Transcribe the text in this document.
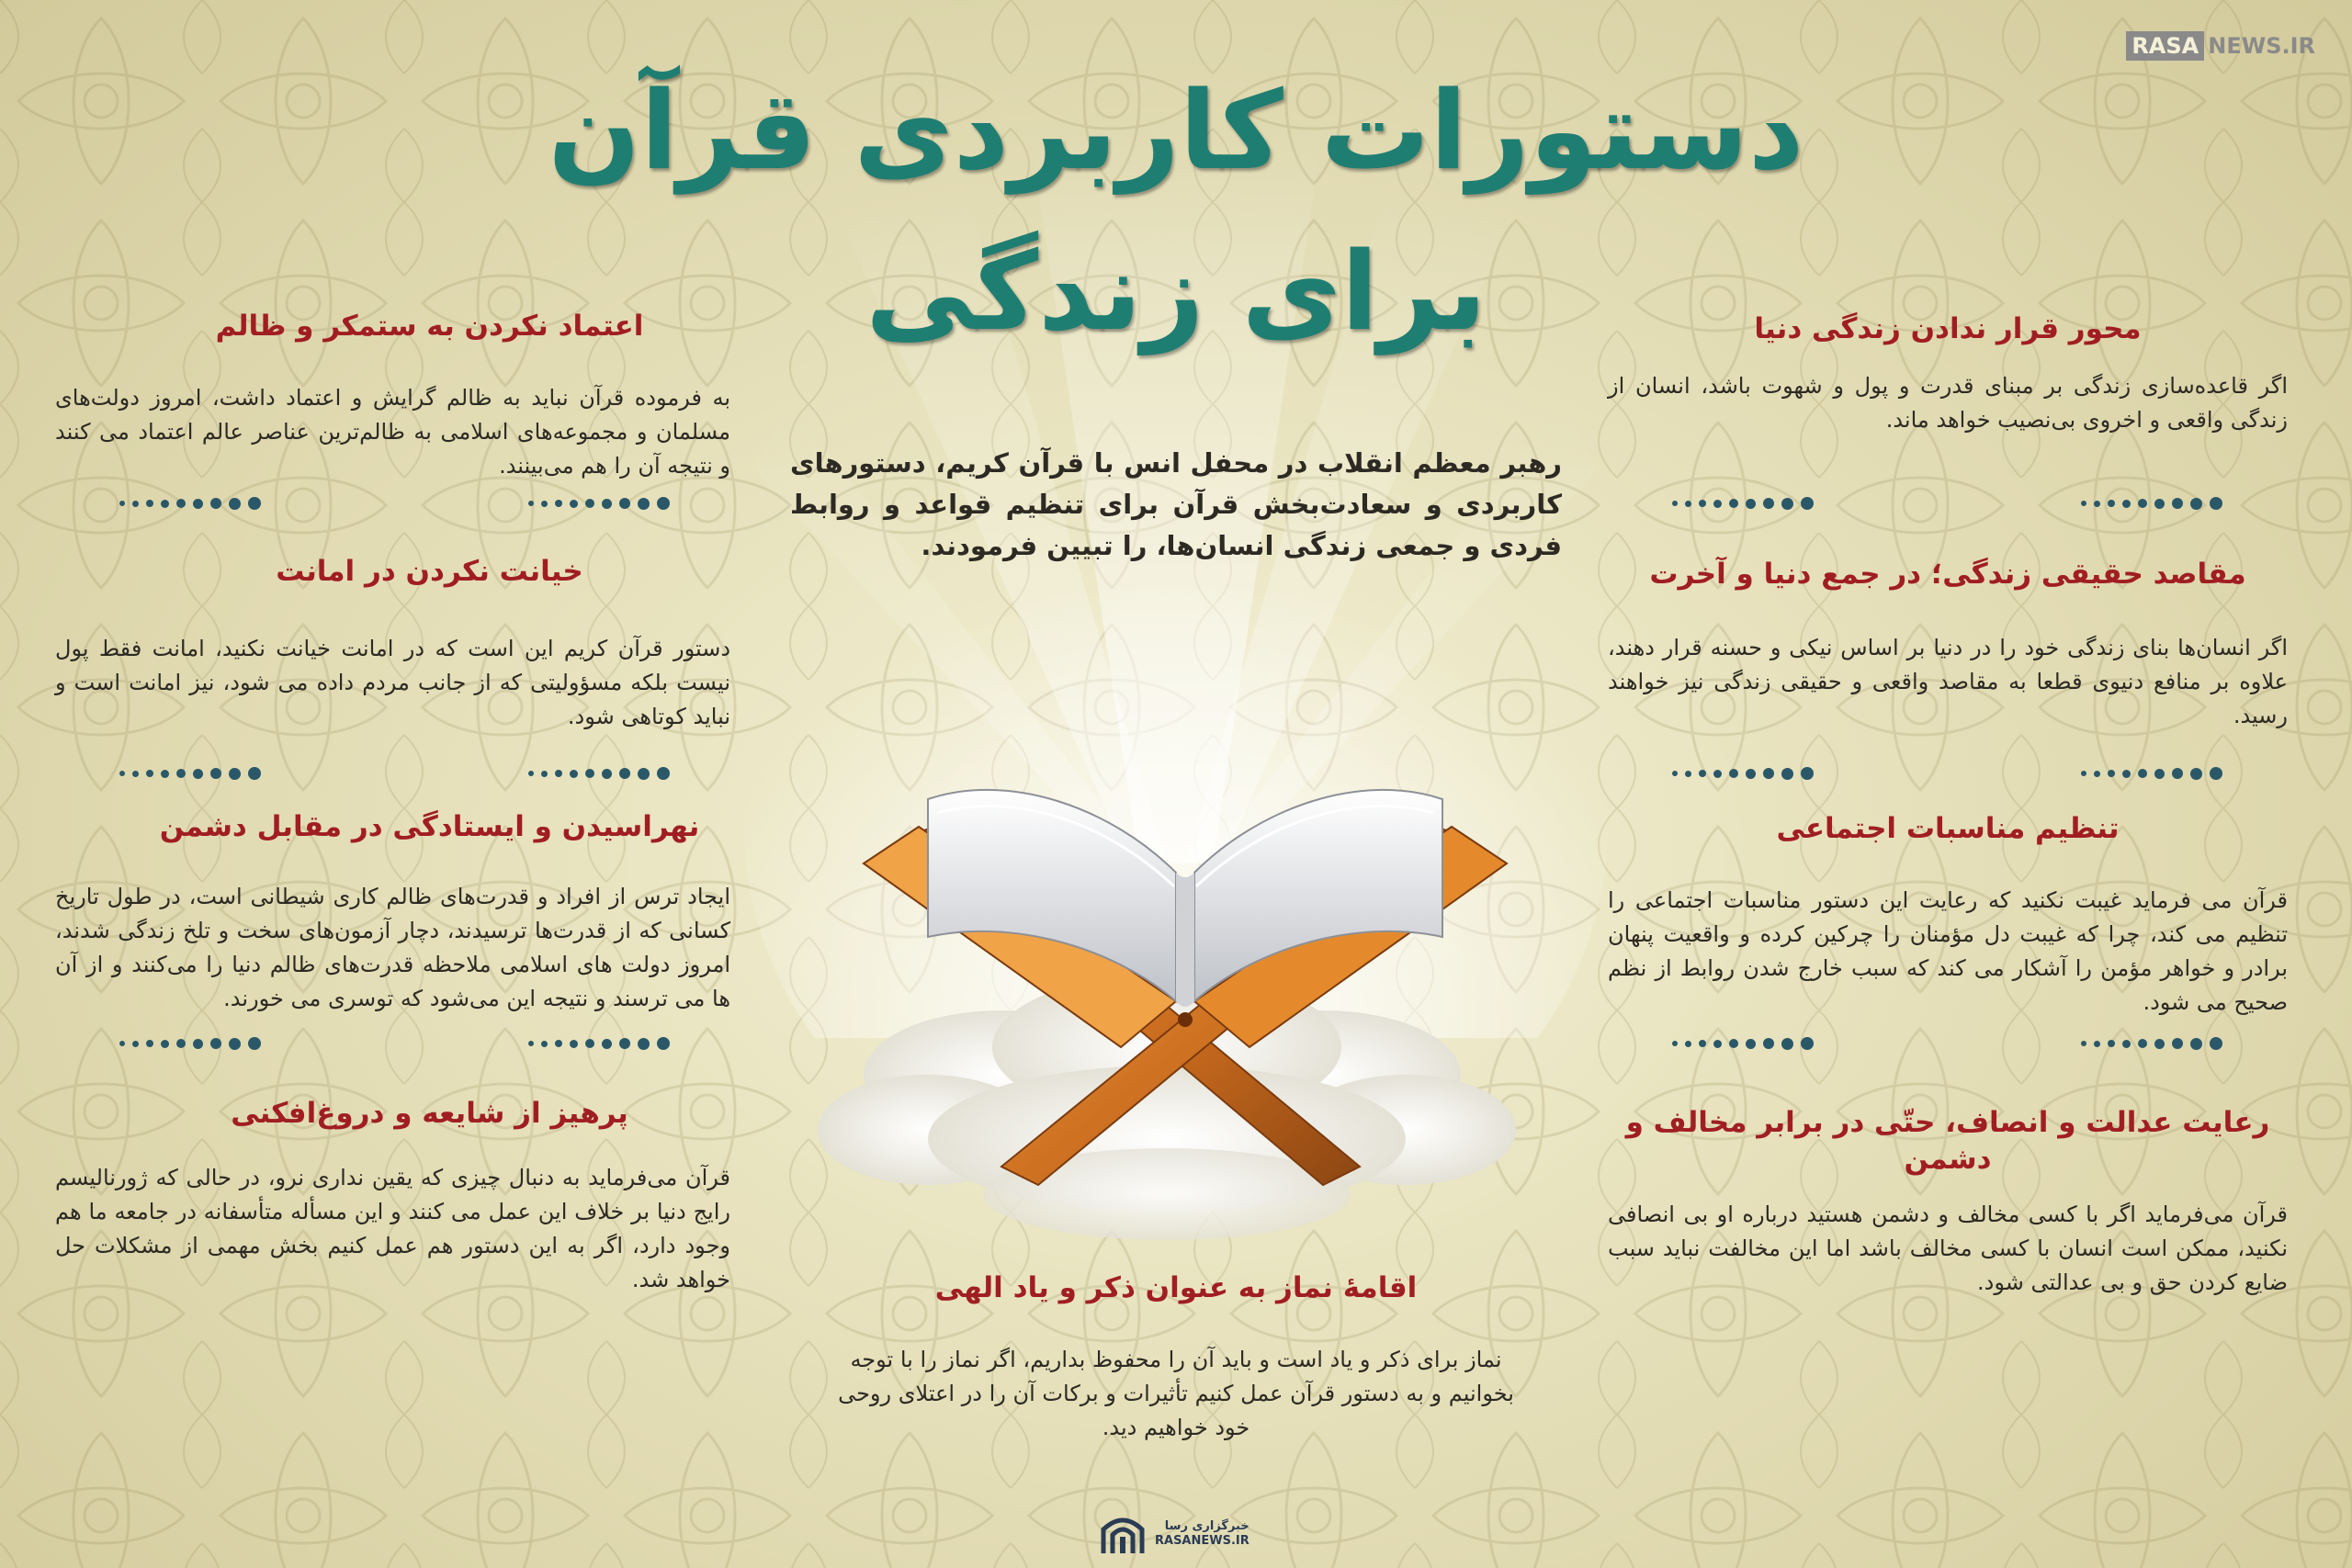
RASA NEWS.IR
دستورات کاربردی قرآن
برای زندگی
رهبر معظم انقلاب در محفل انس با قرآن کریم، دستورهای کاربردی و سعادت‌بخش قرآن برای تنظیم قواعد و روابط فردی و جمعی زندگی انسان‌ها، را تبیین فرمودند.
محور قرار ندادن زندگی دنیا

اگر قاعده‌سازی زندگی بر مبنای قدرت و پول و شهوت باشد، انسان از زندگی واقعی و اخروی بی‌نصیب خواهد ماند.

مقاصد حقیقی زندگی؛ در جمع دنیا و آخرت

اگر انسان‌ها بنای زندگی خود را در دنیا بر اساس نیکی و حسنه قرار دهند، علاوه بر منافع دنیوی قطعا به مقاصد واقعی و حقیقی زندگی نیز خواهند رسید.

تنظیم مناسبات اجتماعی

قرآن می فرماید غیبت نکنید که رعایت این دستور مناسبات اجتماعی را تنظیم می کند، چرا که غیبت دل مؤمنان را چرکین کرده و واقعیت پنهان برادر و خواهر مؤمن را آشکار می کند که سبب خارج شدن روابط از نظم صحیح می شود.

رعایت عدالت و انصاف، حتّی در برابر مخالف و دشمن

قرآن می‌فرماید اگر با کسی مخالف و دشمن هستید درباره او بی انصافی نکنید، ممکن است انسان با کسی مخالف باشد اما این مخالفت نباید سبب ضایع کردن حق و بی عدالتی شود.

اعتماد نکردن به ستمکر و ظالم

به فرموده قرآن نباید به ظالم گرایش و اعتماد داشت، امروز دولت‌های مسلمان و مجموعه‌های اسلامی به ظالم‌ترین عناصر عالم اعتماد می کنند و نتیجه آن را هم می‌بینند.

خیانت نکردن در امانت

دستور قرآن کریم این است که در امانت خیانت نکنید، امانت فقط پول نیست بلکه مسؤولیتی که از جانب مردم داده می شود، نیز امانت است و نباید کوتاهی شود.

نهراسیدن و ایستادگی در مقابل دشمن

ایجاد ترس از افراد و قدرت‌های ظالم کاری شیطانی است، در طول تاریخ کسانی که از قدرت‌ها ترسیدند، دچار آزمون‌های سخت و تلخ زندگی شدند، امروز دولت های اسلامی ملاحظه قدرت‌های ظالم دنیا را می‌کنند و از آن ها می ترسند و نتیجه این می‌شود که توسری می خورند.

پرهیز از شایعه و دروغ‌افکنی

قرآن می‌فرماید به دنبال چیزی که یقین نداری نرو، در حالی که ژورنالیسم رایج دنیا بر خلاف این عمل می کنند و این مسأله متأسفانه در جامعه ما هم وجود دارد، اگر به این دستور هم عمل کنیم بخش مهمی از مشکلات حل خواهد شد.	اقامهٔ نماز به عنوان ذکر و یاد الهی

نماز برای ذکر و یاد است و باید آن را محفوظ بداریم، اگر نماز را با توجه بخوانیم و به دستور قرآن عمل کنیم تأثیرات و برکات آن را در اعتلای روحی خود خواهیم دید.

خبرگزاری رسا
RASANEWS.IR
